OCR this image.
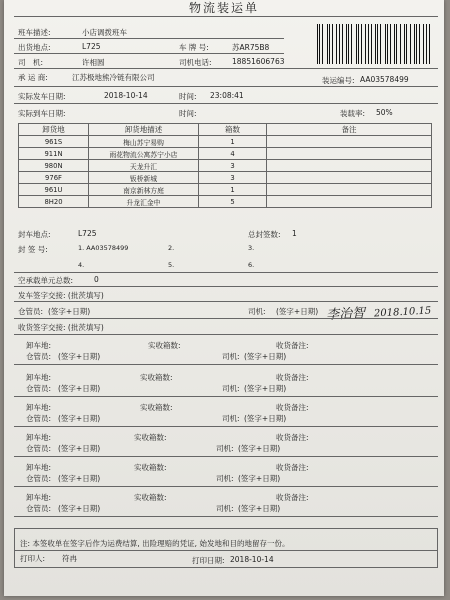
物流装运单
班车描述:	小店调拨班车
出货地点:	L725	车 牌 号:	苏AR75B8
司　机:	许相圆	司机电话:	18851606763
承 运 商:	江苏极地熊冷链有限公司	装运编号: AA03578499
实际发车日期:	2018-10-14	时间: 23:08:41
实际到车日期:	时间:	装载率: 50%
卸货地	卸货地描述	箱数	备注
961S	梅山苏宁易购	1	
911N	雨花物流公寓苏宁小店	4	
980N	天龙升汇	3	
976F	钣桥新城	3	
961U	南京新林方庭	1	
8H20	升龙汇金中	5	
封车地点:	L725	总封签数: 1
封 签 号:	1. AA03578499	2.	3.
4.	5.	6.
空承载单元总数:	0
发车签字交接: (批茨填写)
仓管员: (签字+日期)	司机: (签字+日期) 李治智 2018.10.15
收货签字交接: (批茨填写)
卸车地:	实收箱数:	收货备注:
仓管员: (签字+日期)	司机: (签字+日期)
卸车地:	实收箱数:	收货备注:
仓管员: (签字+日期)	司机: (签字+日期)
卸车地:	实收箱数:	收货备注:
仓管员: (签字+日期)	司机: (签字+日期)
卸车地:	实收箱数:	收货备注:
仓管员: (签字+日期)	司机: (签字+日期)
卸车地:	实收箱数:	收货备注:
仓管员: (签字+日期)	司机: (签字+日期)
卸车地:	实收箱数:	收货备注:
仓管员: (签字+日期)	司机: (签字+日期)
注: 本签收单在签字后作为运费结算, 出险理赔的凭证, 始发地和目的地留存一份。
打印人: 符冉	打印日期: 2018-10-14
